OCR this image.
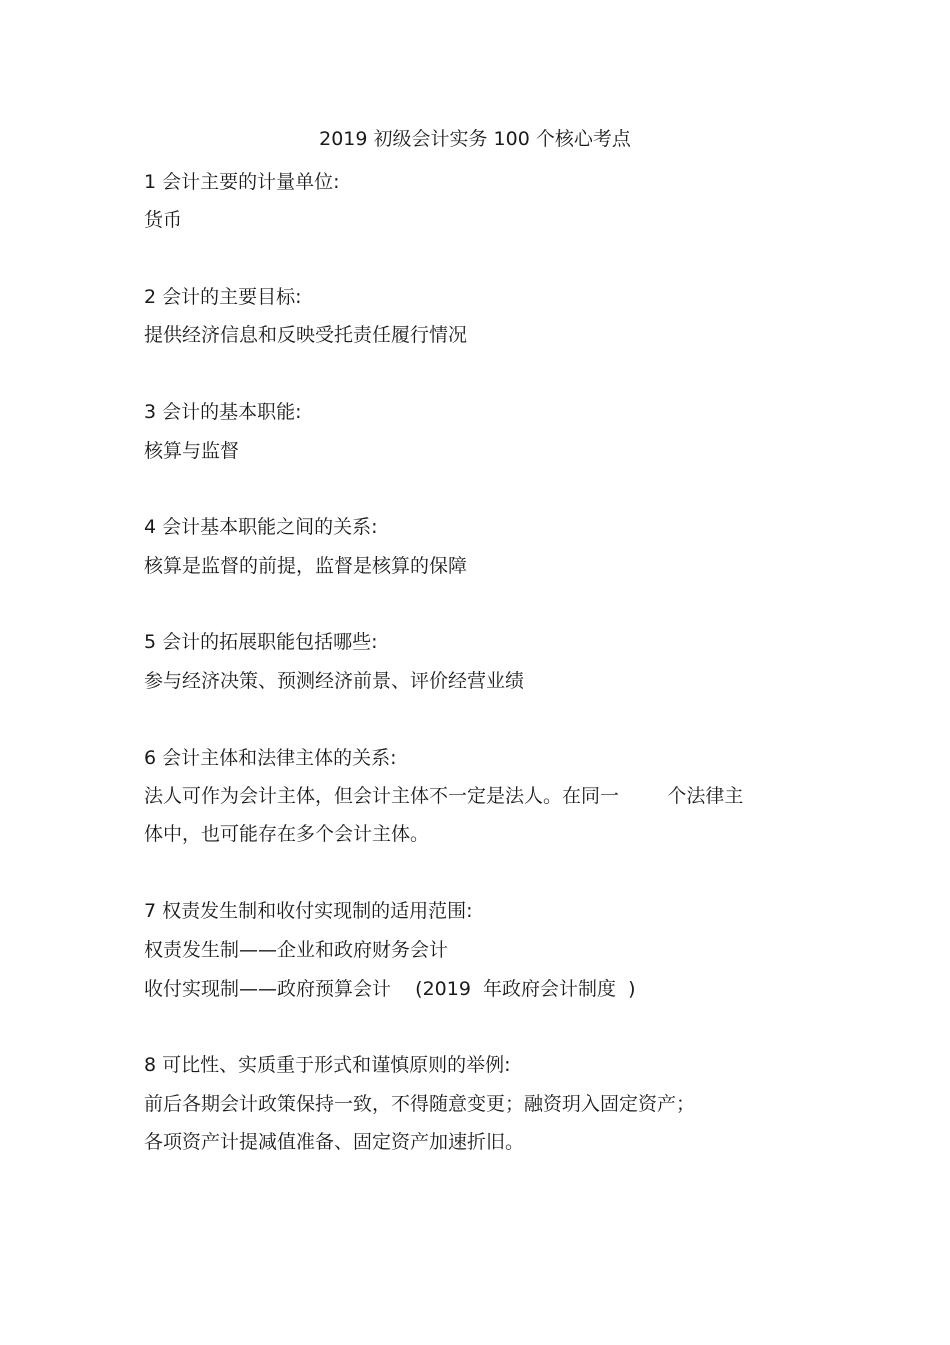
2019 初级会计实务 100 个核心考点
1 会计主要的计量单位:
货币
2 会计的主要目标:
提供经济信息和反映受托责任履行情况
3 会计的基本职能:
核算与监督
4 会计基本职能之间的关系:
核算是监督的前提，监督是核算的保障
5 会计的拓展职能包括哪些:
参与经济决策、预测经济前景、评价经营业绩
6 会计主体和法律主体的关系:
法人可作为会计主体，但会计主体不一定是法人。在同一        个法律主
体中，也可能存在多个会计主体。
7 权责发生制和收付实现制的适用范围:
权责发生制——企业和政府财务会计
收付实现制——政府预算会计    (2019  年政府会计制度  )
8 可比性、实质重于形式和谨慎原则的举例:
前后各期会计政策保持一致，不得随意变更；融资玥入固定资产；
各项资产计提减值准备、固定资产加速折旧。
